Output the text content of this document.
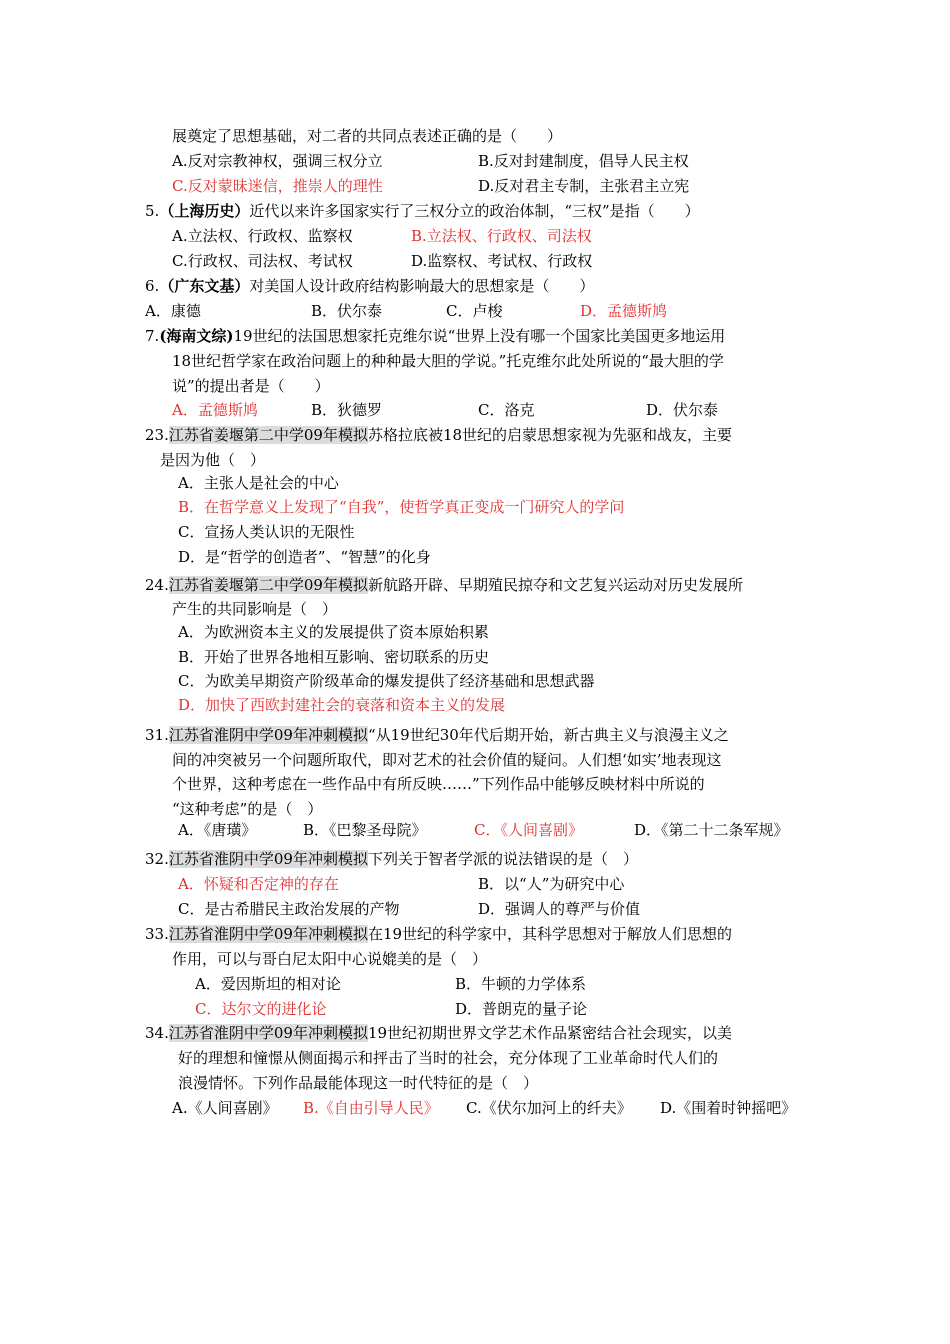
展奠定了思想基础，对二者的共同点表述正确的是（　　）
A.反对宗教神权，强调三权分立	B.反对封建制度，倡导人民主权
C.反对蒙昧迷信，推崇人的理性	D.反对君主专制，主张君主立宪
5.（上海历史）近代以来许多国家实行了三权分立的政治体制，“三权”是指（　　）
A.立法权、行政权、监察权	B.立法权、行政权、司法权
C.行政权、司法权、考试权	D.监察权、考试权、行政权
6.（广东文基）对美国人设计政府结构影响最大的思想家是（　　）
A．康德	B．伏尔泰	C．卢梭	D．孟德斯鸠
7.(海南文综)19世纪的法国思想家托克维尔说“世界上没有哪一个国家比美国更多地运用
18世纪哲学家在政治问题上的种种最大胆的学说。”托克维尔此处所说的“最大胆的学
说”的提出者是（　　）
A．孟德斯鸠	B．狄德罗	C．洛克	D．伏尔泰
23.江苏省姜堰第二中学09年模拟苏格拉底被18世纪的启蒙思想家视为先驱和战友，主要
是因为他（　）
A．主张人是社会的中心
B．在哲学意义上发现了“自我”，使哲学真正变成一门研究人的学问
C．宣扬人类认识的无限性
D．是“哲学的创造者”、“智慧”的化身
24.江苏省姜堰第二中学09年模拟新航路开辟、早期殖民掠夺和文艺复兴运动对历史发展所
产生的共同影响是（　）
A．为欧洲资本主义的发展提供了资本原始积累
B．开始了世界各地相互影响、密切联系的历史
C．为欧美早期资产阶级革命的爆发提供了经济基础和思想武器
D．加快了西欧封建社会的衰落和资本主义的发展
31.江苏省淮阴中学09年冲刺模拟“从19世纪30年代后期开始，新古典主义与浪漫主义之
间的冲突被另一个问题所取代，即对艺术的社会价值的疑问。人们想‘如实’地表现这
个世界，这种考虑在一些作品中有所反映……”下列作品中能够反映材料中所说的
“这种考虑”的是（　）
A．《唐璜》	B．《巴黎圣母院》	C．《人间喜剧》	D．《第二十二条军规》
32.江苏省淮阴中学09年冲刺模拟下列关于智者学派的说法错误的是（　）
A．怀疑和否定神的存在	B．以“人”为研究中心
C．是古希腊民主政治发展的产物	D．强调人的尊严与价值
33.江苏省淮阴中学09年冲刺模拟在19世纪的科学家中，其科学思想对于解放人们思想的
作用，可以与哥白尼太阳中心说媲美的是（　）
A．爱因斯坦的相对论	B．牛顿的力学体系
C．达尔文的进化论	D．普朗克的量子论
34.江苏省淮阴中学09年冲刺模拟19世纪初期世界文学艺术作品紧密结合社会现实，以美
好的理想和憧憬从侧面揭示和抨击了当时的社会，充分体现了工业革命时代人们的
浪漫情怀。下列作品最能体现这一时代特征的是（　）
A.《人间喜剧》 B.《自由引导人民》 C.《伏尔加河上的纤夫》 D.《围着时钟摇吧》
